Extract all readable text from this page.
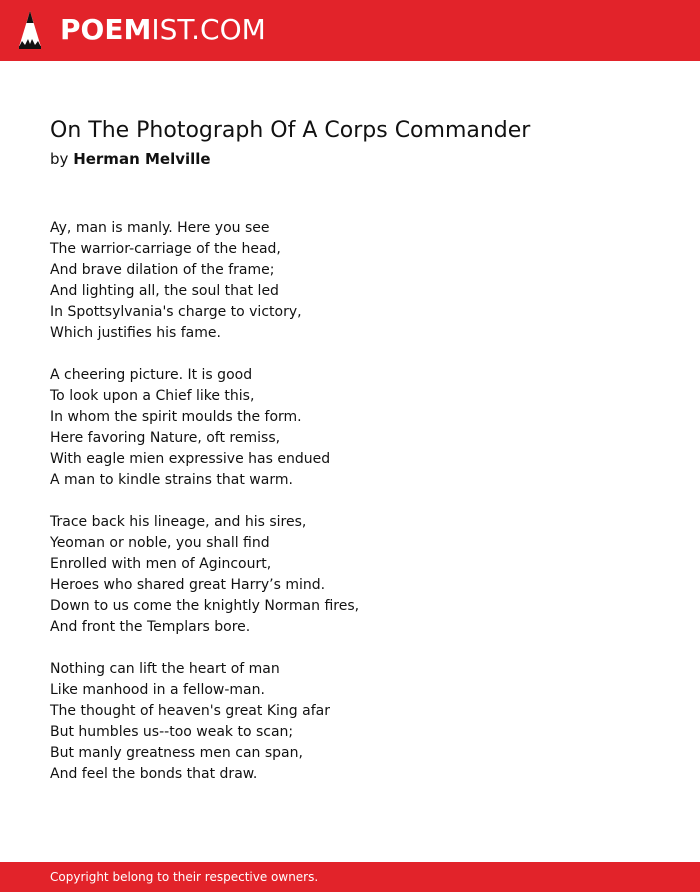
POEMIST.COM
On The Photograph Of A Corps Commander
by Herman Melville
Ay, man is manly. Here you see
The warrior-carriage of the head,
And brave dilation of the frame;
And lighting all, the soul that led
In Spottsylvania's charge to victory,
Which justifies his fame.
A cheering picture. It is good
To look upon a Chief like this,
In whom the spirit moulds the form.
Here favoring Nature, oft remiss,
With eagle mien expressive has endued
A man to kindle strains that warm.
Trace back his lineage, and his sires,
Yeoman or noble, you shall find
Enrolled with men of Agincourt,
Heroes who shared great Harry’s mind.
Down to us come the knightly Norman fires,
And front the Templars bore.
Nothing can lift the heart of man
Like manhood in a fellow-man.
The thought of heaven's great King afar
But humbles us--too weak to scan;
But manly greatness men can span,
And feel the bonds that draw.
Copyright belong to their respective owners.
